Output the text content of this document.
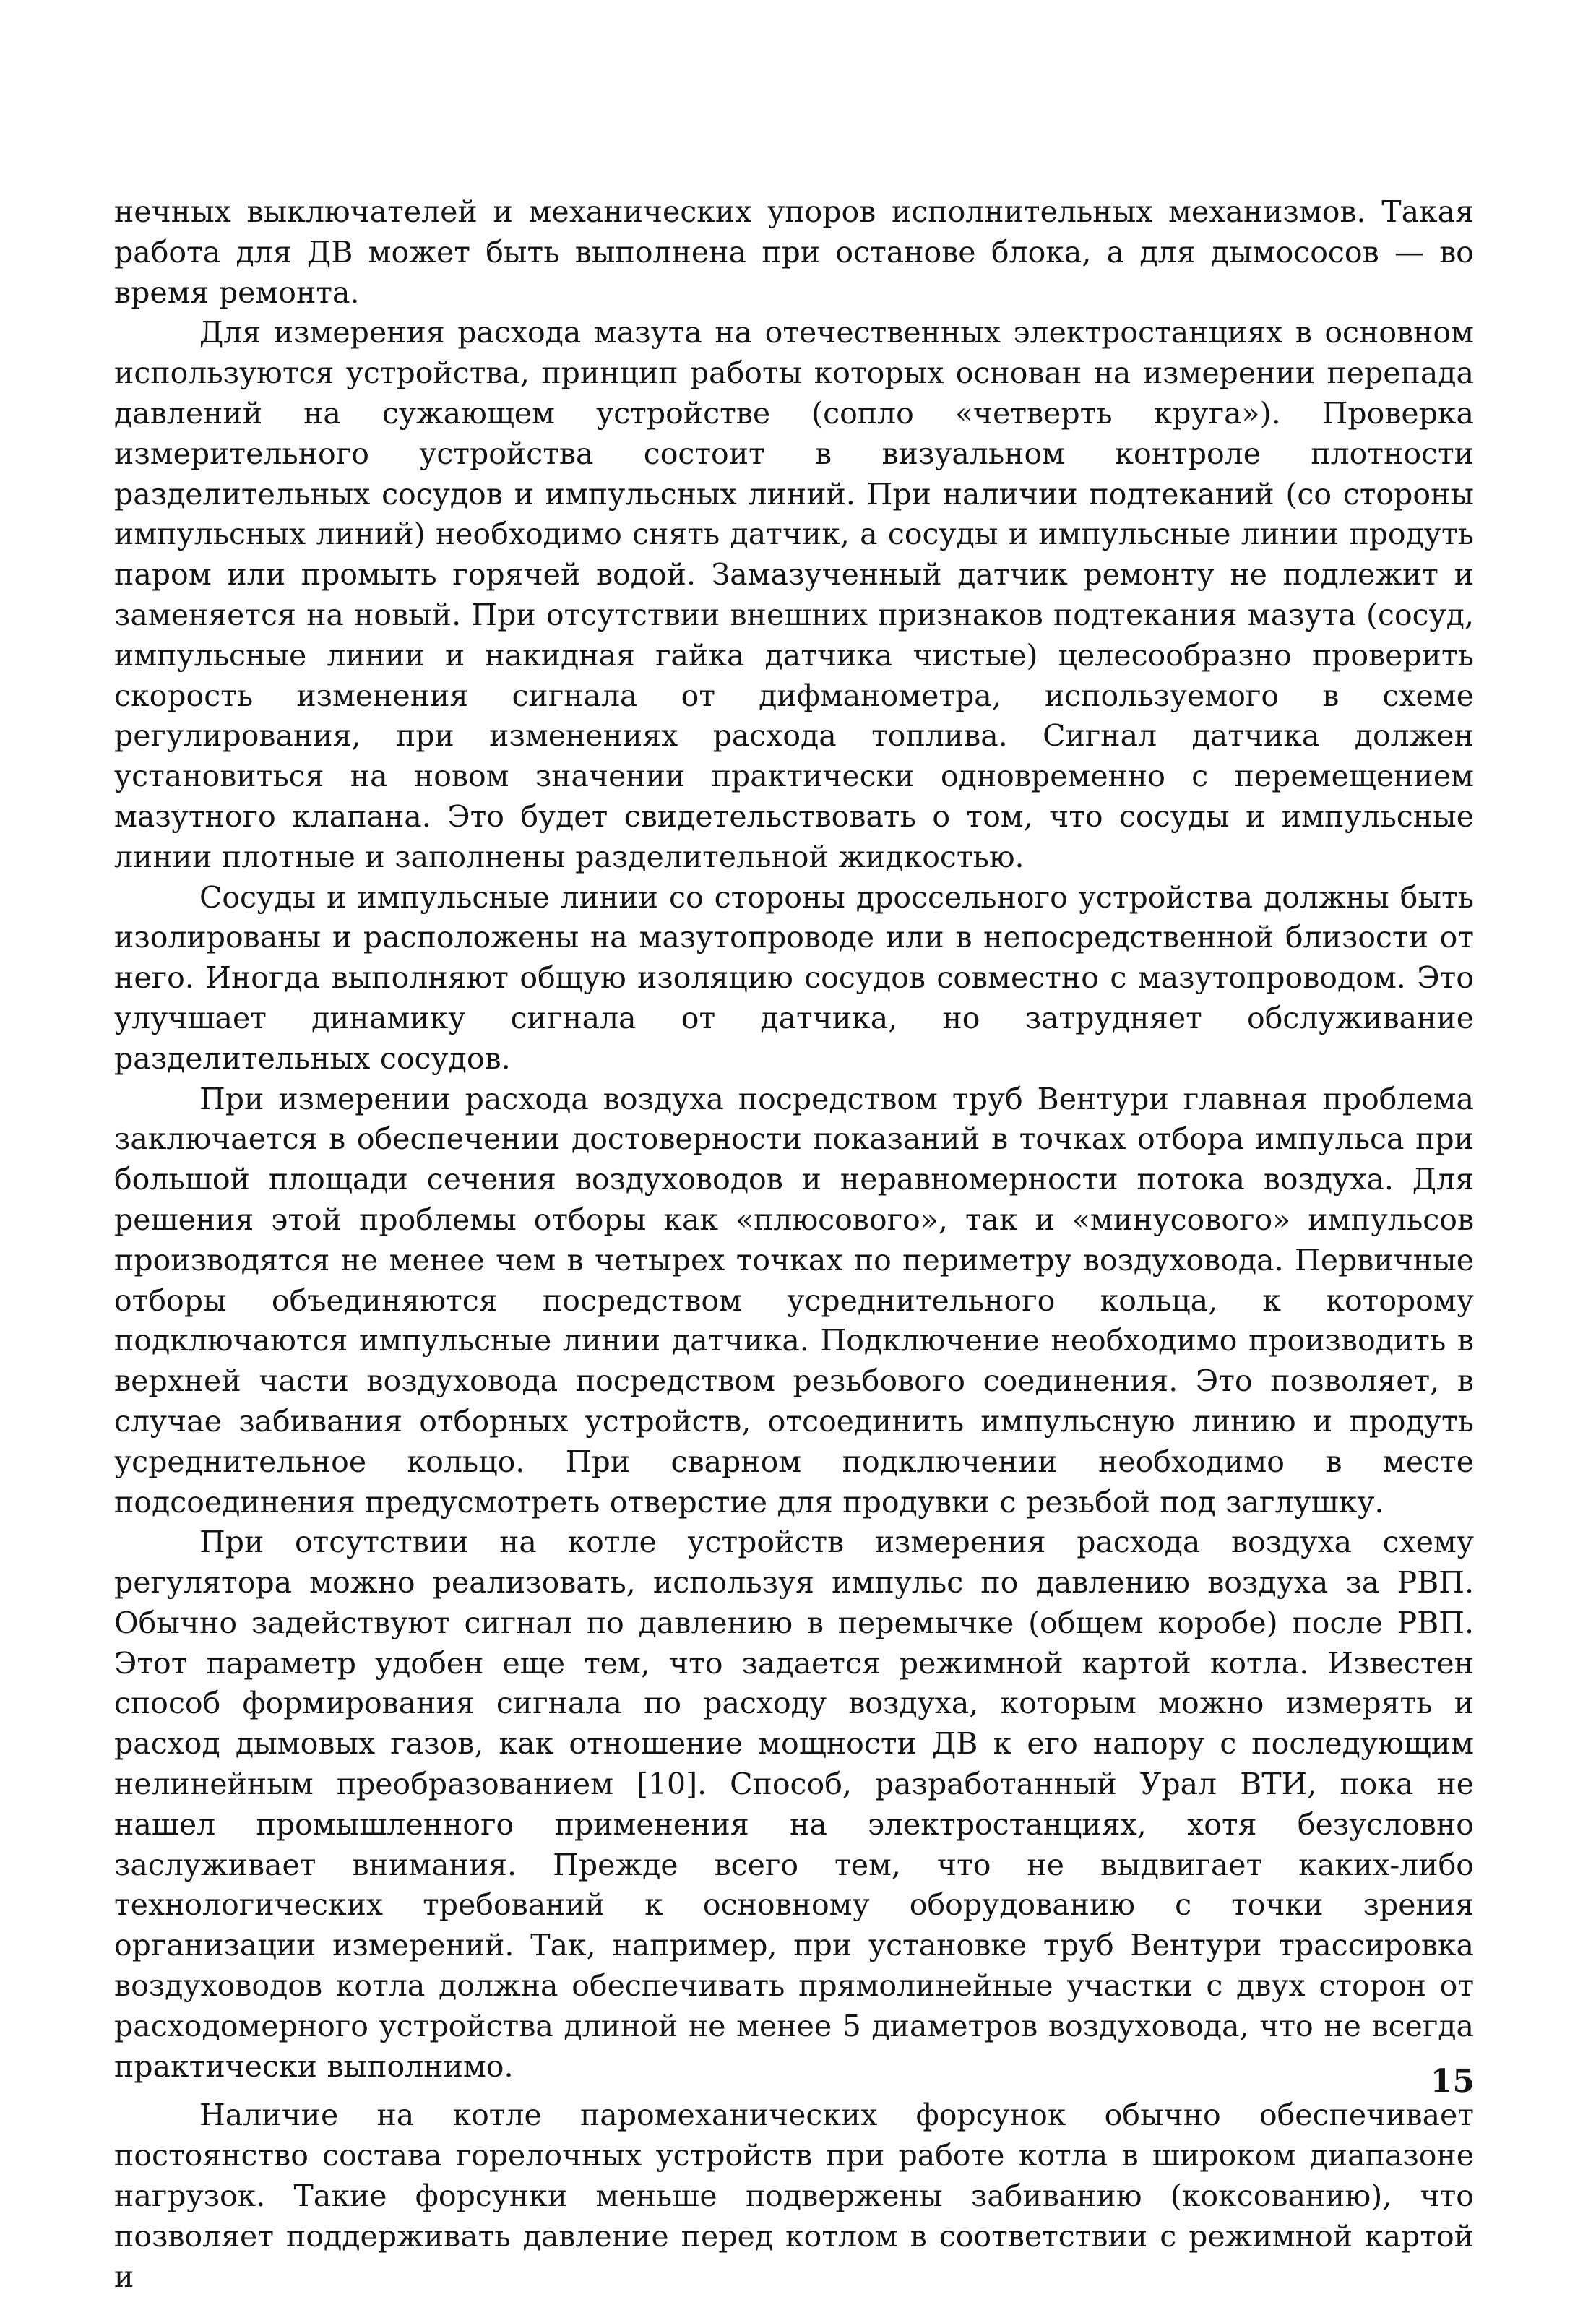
нечных выключателей и механических упоров исполнительных механизмов. Такая работа для ДВ может быть выполнена при останове блока, а для дымососов — во время ремонта.

Для измерения расхода мазута на отечественных электростанциях в основном используются устройства, принцип работы которых основан на измерении перепада давлений на сужающем устройстве (сопло «четверть круга»). Проверка измерительного устройства состоит в визуальном контроле плотности разделительных сосудов и импульсных линий. При наличии подтеканий (со стороны импульсных линий) необходимо снять датчик, а сосуды и импульсные линии продуть паром или промыть горячей водой. Замазученный датчик ремонту не подлежит и заменяется на новый. При отсутствии внешних признаков подтекания мазута (сосуд, импульсные линии и накидная гайка датчика чистые) целесообразно проверить скорость изменения сигнала от дифманометра, используемого в схеме регулирования, при изменениях расхода топлива. Сигнал датчика должен установиться на новом значении практически одновременно с перемещением мазутного клапана. Это будет свидетельствовать о том, что сосуды и импульсные линии плотные и заполнены разделительной жидкостью.

Сосуды и импульсные линии со стороны дроссельного устройства должны быть изолированы и расположены на мазутопроводе или в непосредственной близости от него. Иногда выполняют общую изоляцию сосудов совместно с мазутопроводом. Это улучшает динамику сигнала от датчика, но затрудняет обслуживание разделительных сосудов.

При измерении расхода воздуха посредством труб Вентури главная проблема заключается в обеспечении достоверности показаний в точках отбора импульса при большой площади сечения воздуховодов и неравномерности потока воздуха. Для решения этой проблемы отборы как «плюсового», так и «минусового» импульсов производятся не менее чем в четырех точках по периметру воздуховода. Первичные отборы объединяются посредством усреднительного кольца, к которому подключаются импульсные линии датчика. Подключение необходимо производить в верхней части воздуховода посредством резьбового соединения. Это позволяет, в случае забивания отборных устройств, отсоединить импульсную линию и продуть усреднительное кольцо. При сварном подключении необходимо в месте подсоединения предусмотреть отверстие для продувки с резьбой под заглушку.

При отсутствии на котле устройств измерения расхода воздуха схему регулятора можно реализовать, используя импульс по давлению воздуха за РВП. Обычно задействуют сигнал по давлению в перемычке (общем коробе) после РВП. Этот параметр удобен еще тем, что задается режимной картой котла. Известен способ формирования сигнала по расходу воздуха, которым можно измерять и расход дымовых газов, как отношение мощности ДВ к его напору с последующим нелинейным преобразованием [10]. Способ, разработанный Урал ВТИ, пока не нашел промышленного применения на электростанциях, хотя безусловно заслуживает внимания. Прежде всего тем, что не выдвигает каких-либо технологических требований к основному оборудованию с точки зрения организации измерений. Так, например, при установке труб Вентури трассировка воздуховодов котла должна обеспечивать прямолинейные участки с двух сторон от расходомерного устройства длиной не менее 5 диаметров воздуховода, что не всегда практически выполнимо.

Наличие на котле паромеханических форсунок обычно обеспечивает постоянство состава горелочных устройств при работе котла в широком диапазоне нагрузок. Такие форсунки меньше подвержены забиванию (коксованию), что позволяет поддерживать давление перед котлом в соответствии с режимной картой и

15
